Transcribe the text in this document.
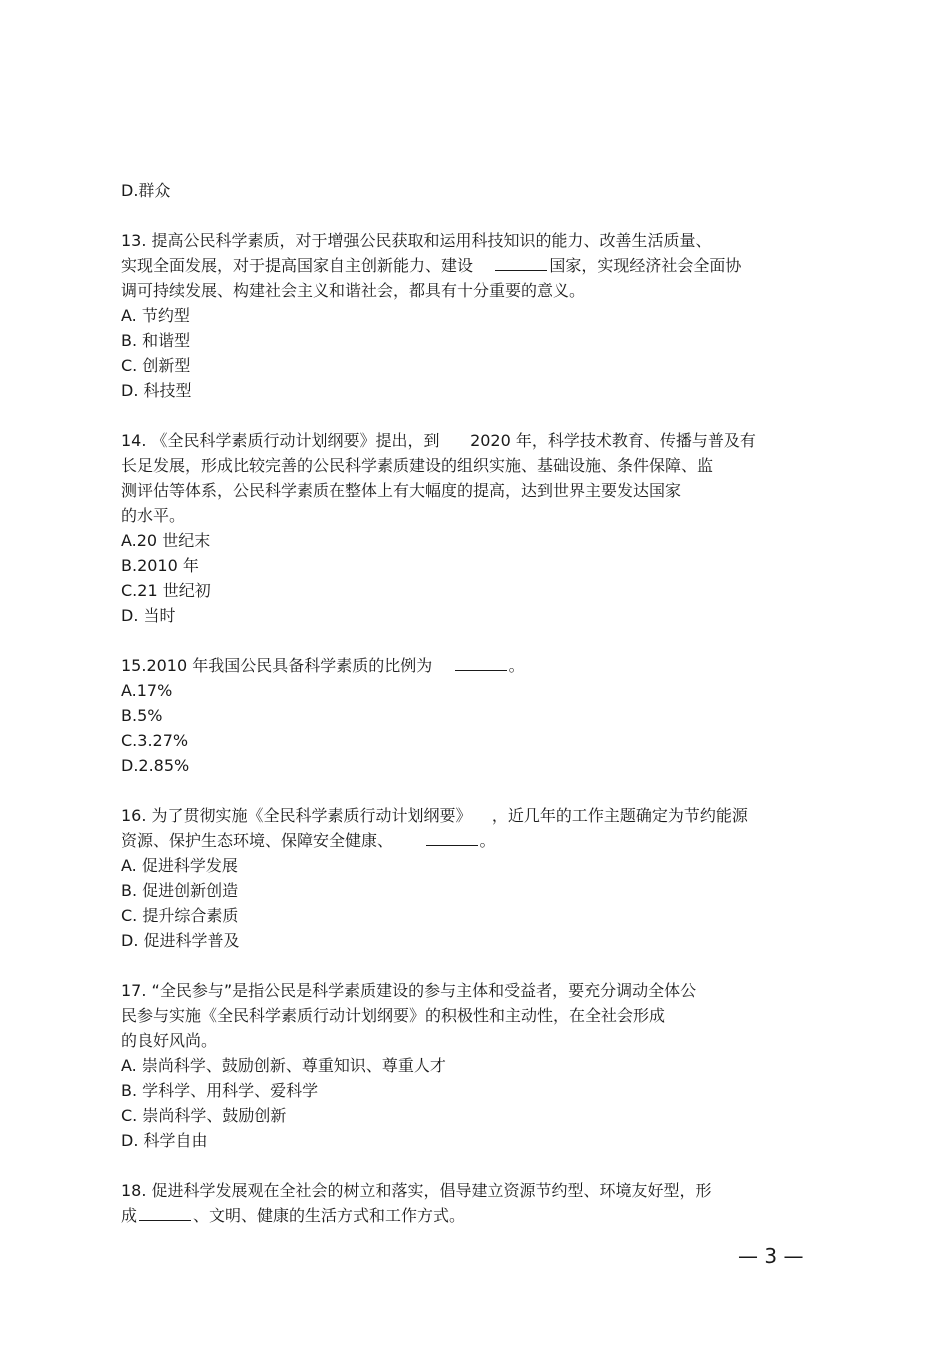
D.群众
13. 提高公民科学素质，对于增强公民获取和运用科技知识的能力、改善生活质量、
实现全面发展，对于提高国家自主创新能力、建设	国家，实现经济社会全面协
调可持续发展、构建社会主义和谐社会，都具有十分重要的意义。
A. 节约型
B. 和谐型
C. 创新型
D. 科技型
14. 《全民科学素质行动计划纲要》提出，到 2020 年，科学技术教育、传播与普及有
长足发展，形成比较完善的公民科学素质建设的组织实施、基础设施、条件保障、监
测评估等体系，公民科学素质在整体上有大幅度的提高，达到世界主要发达国家
的水平。
A.20 世纪末
B.2010 年
C.21 世纪初
D. 当时
15.2010 年我国公民具备科学素质的比例为	。
A.17%
B.5%
C.3.27%
D.2.85%
16. 为了贯彻实施《全民科学素质行动计划纲要》 ，近几年的工作主题确定为节约能源
资源、保护生态环境、保障安全健康、	。
A. 促进科学发展
B. 促进创新创造
C. 提升综合素质
D. 促进科学普及
17. “全民参与”是指公民是科学素质建设的参与主体和受益者，要充分调动全体公
民参与实施《全民科学素质行动计划纲要》的积极性和主动性，在全社会形成
的良好风尚。
A. 崇尚科学、鼓励创新、尊重知识、尊重人才
B. 学科学、用科学、爱科学
C. 崇尚科学、鼓励创新
D. 科学自由
18. 促进科学发展观在全社会的树立和落实，倡导建立资源节约型、环境友好型，形
成	、文明、健康的生活方式和工作方式。
— 3 —
